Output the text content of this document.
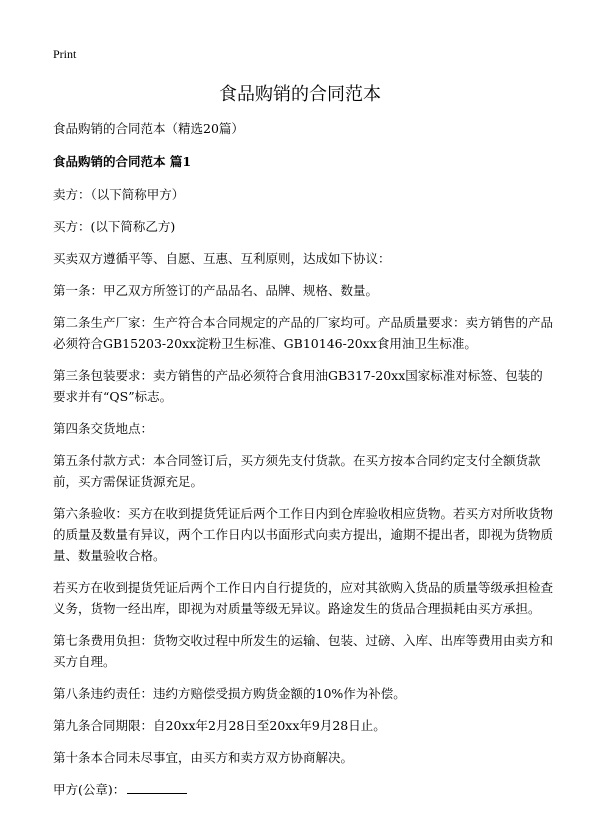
Print
食品购销的合同范本

食品购销的合同范本（精选20篇）

食品购销的合同范本 篇1

卖方：（以下简称甲方）

买方：(以下简称乙方)

买卖双方遵循平等、自愿、互惠、互利原则，达成如下协议：

第一条：甲乙双方所签订的产品品名、品牌、规格、数量。

第二条生产厂家：生产符合本合同规定的产品的厂家均可。产品质量要求：卖方销售的产品必须符合GB15203-20xx淀粉卫生标准、GB10146-20xx食用油卫生标准。

第三条包装要求：卖方销售的产品必须符合食用油GB317-20xx国家标准对标签、包装的要求并有“QS”标志。

第四条交货地点：

第五条付款方式：本合同签订后，买方须先支付货款。在买方按本合同约定支付全额货款前，买方需保证货源充足。

第六条验收：买方在收到提货凭证后两个工作日内到仓库验收相应货物。若买方对所收货物的质量及数量有异议，两个工作日内以书面形式向卖方提出，逾期不提出者，即视为货物质量、数量验收合格。

若买方在收到提货凭证后两个工作日内自行提货的，应对其欲购入货品的质量等级承担检查义务，货物一经出库，即视为对质量等级无异议。路途发生的货品合理损耗由买方承担。

第七条费用负担：货物交收过程中所发生的运输、包装、过磅、入库、出库等费用由卖方和买方自理。

第八条违约责任：违约方赔偿受损方购货金额的10%作为补偿。

第九条合同期限：自20xx年2月28日至20xx年9月28日止。

第十条本合同未尽事宜，由买方和卖方双方协商解决。

甲方(公章)：
